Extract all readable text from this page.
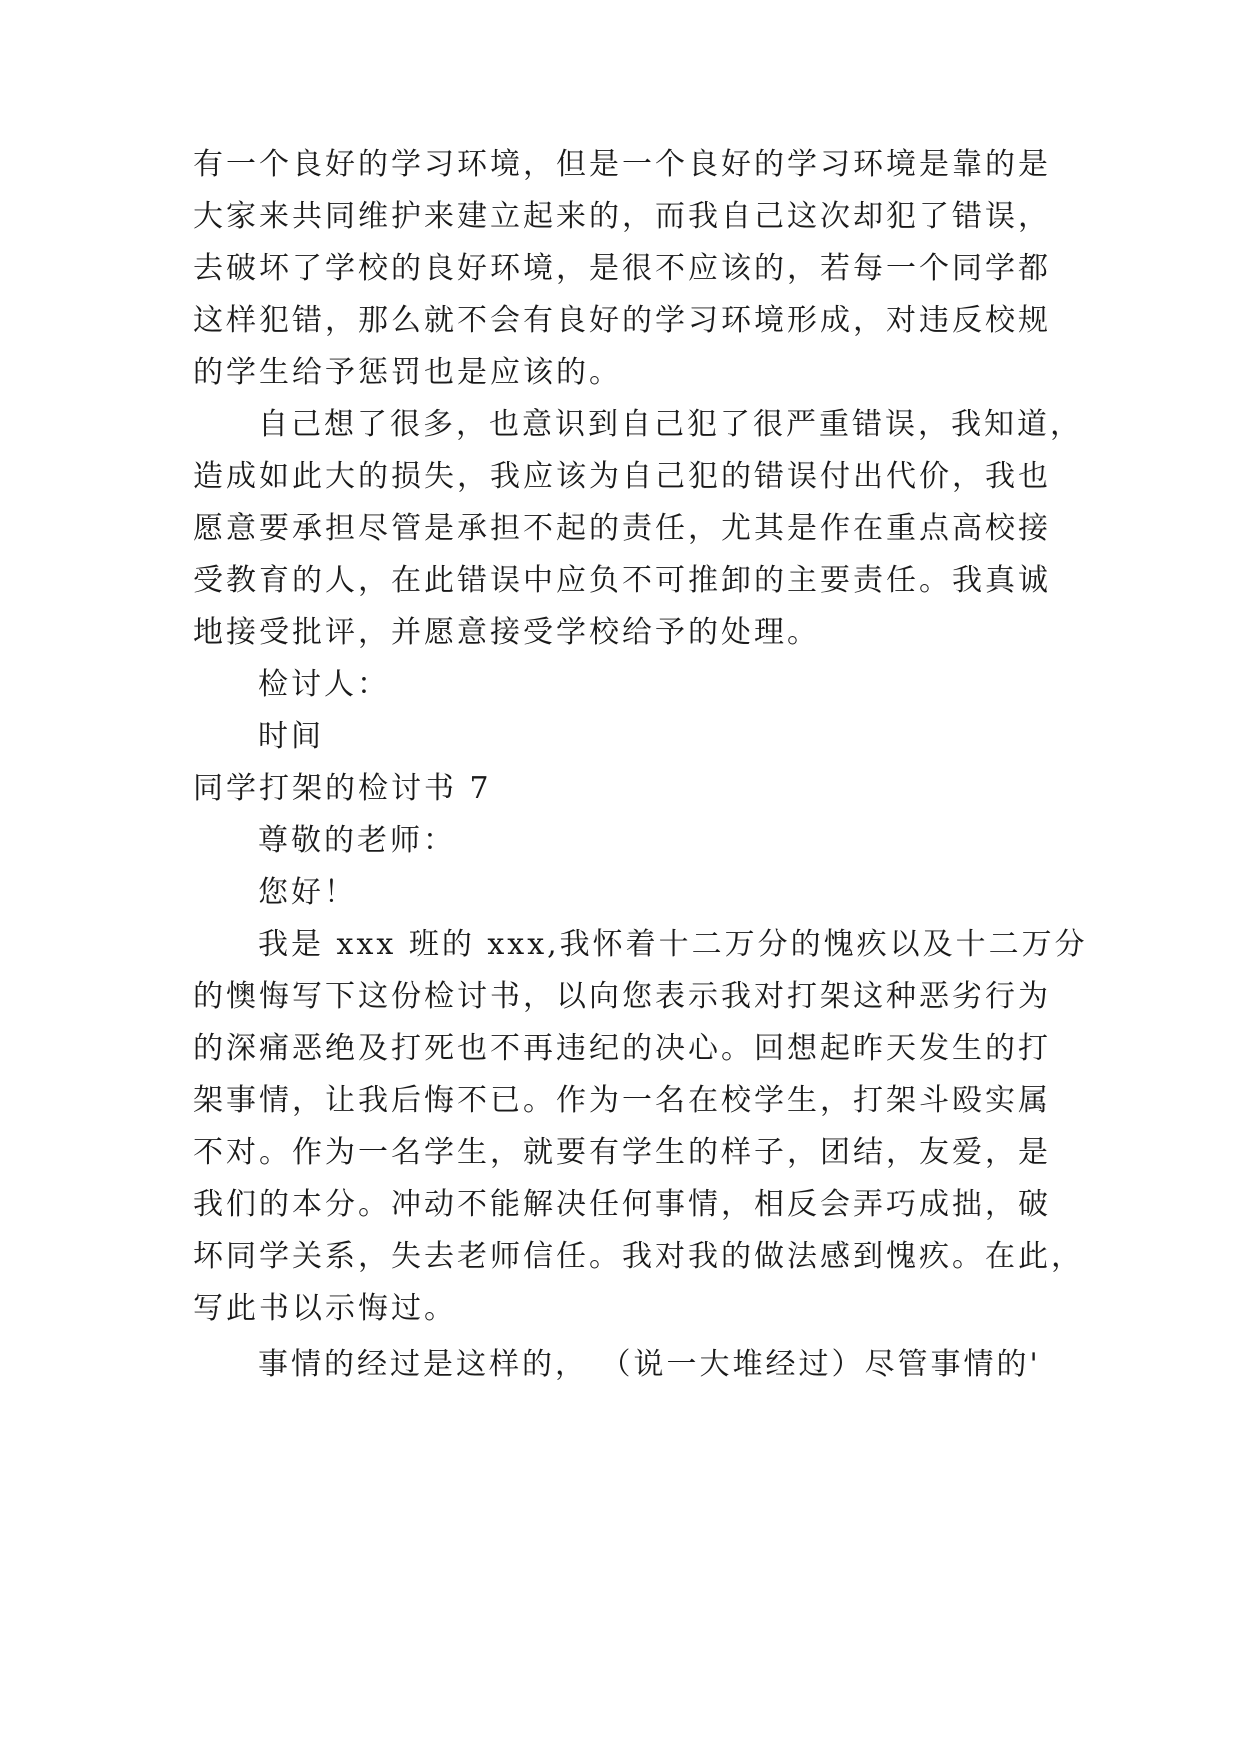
有一个良好的学习环境，但是一个良好的学习环境是靠的是
大家来共同维护来建立起来的，而我自己这次却犯了错误，
去破坏了学校的良好环境，是很不应该的，若每一个同学都
这样犯错，那么就不会有良好的学习环境形成，对违反校规
的学生给予惩罚也是应该的。
自己想了很多，也意识到自己犯了很严重错误，我知道，
造成如此大的损失，我应该为自己犯的错误付出代价，我也
愿意要承担尽管是承担不起的责任，尤其是作在重点高校接
受教育的人，在此错误中应负不可推卸的主要责任。我真诚
地接受批评，并愿意接受学校给予的处理。
检讨人：
时间
同学打架的检讨书 7
尊敬的老师：
您好！
我是 xxx 班的 xxx,我怀着十二万分的愧疚以及十二万分
的懊悔写下这份检讨书，以向您表示我对打架这种恶劣行为
的深痛恶绝及打死也不再违纪的决心。回想起昨天发生的打
架事情，让我后悔不已。作为一名在校学生，打架斗殴实属
不对。作为一名学生，就要有学生的样子，团结，友爱，是
我们的本分。冲动不能解决任何事情，相反会弄巧成拙，破
坏同学关系，失去老师信任。我对我的做法感到愧疚。在此，
写此书以示悔过。
事情的经过是这样的， （说一大堆经过）尽管事情的'
